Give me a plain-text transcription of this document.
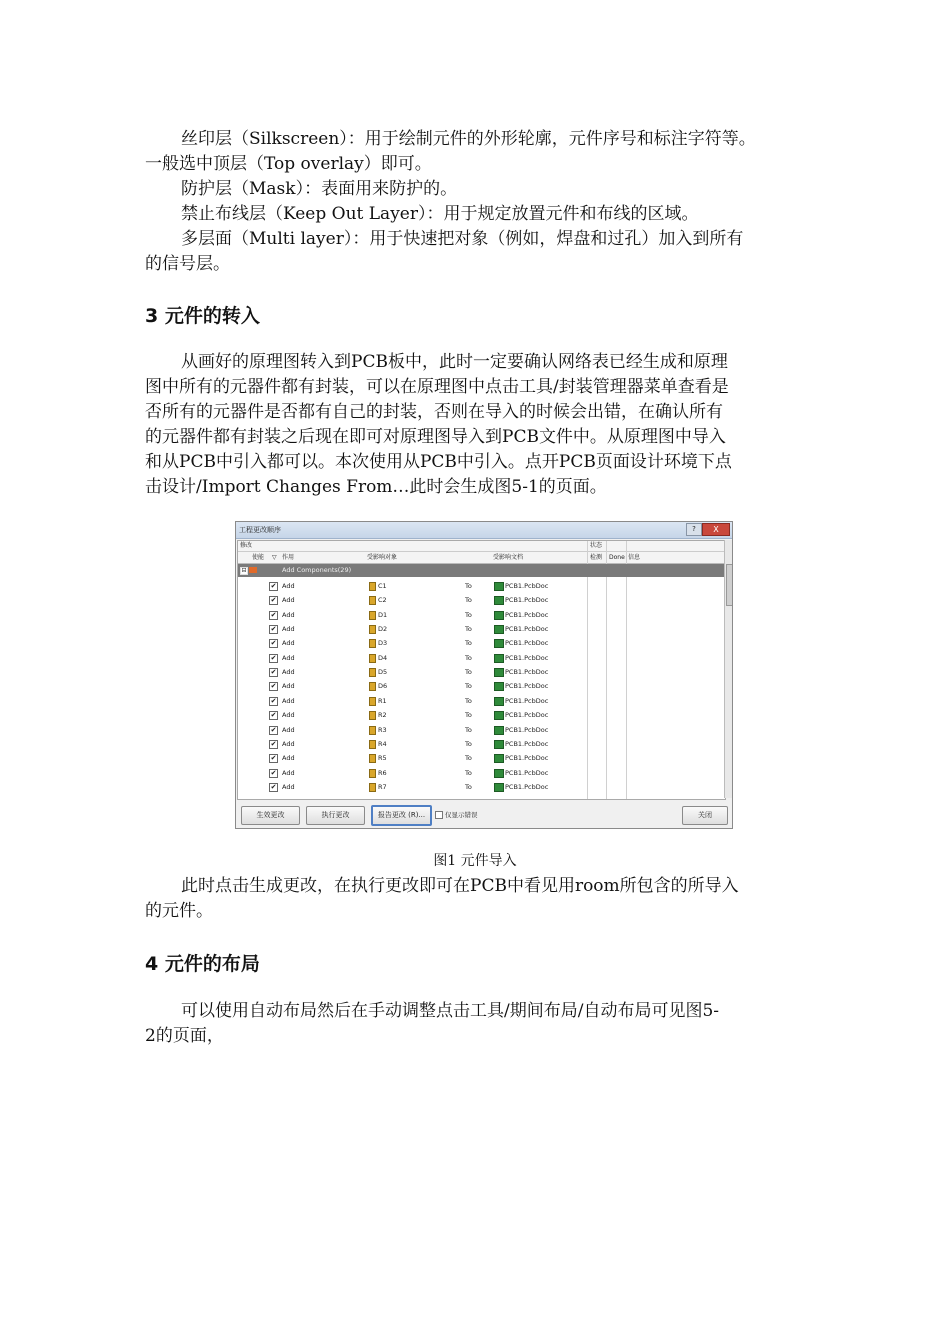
丝印层（Silkscreen）：用于绘制元件的外形轮廓，元件序号和标注字符等。
一般选中顶层（Top overlay）即可。

防护层（Mask）：表面用来防护的。

禁止布线层（Keep Out Layer）：用于规定放置元件和布线的区域。

多层面（Multi layer）：用于快速把对象（例如，焊盘和过孔）加入到所有
的信号层。

3 元件的转入

从画好的原理图转入到PCB板中，此时一定要确认网络表已经生成和原理
图中所有的元器件都有封装，可以在原理图中点击工具/封装管理器菜单查看是
否所有的元器件是否都有自己的封装，否则在导入的时候会出错，在确认所有
的元器件都有封装之后现在即可对原理图导入到PCB文件中。从原理图中导入
和从PCB中引入都可以。本次使用从PCB中引入。点开PCB页面设计环境下点
击设计/Import Changes From…此时会生成图5-1的页面。

工程更改顺序	?	X
修改	状态
使能 ▽ 作用	受影响对象	受影响文档	检测 Done 信息
⊟	Add Components(29)
✔ Add	C1	To	PCB1.PcbDoc
✔ Add	C2	To	PCB1.PcbDoc
✔ Add	D1	To	PCB1.PcbDoc
✔ Add	D2	To	PCB1.PcbDoc
✔ Add	D3	To	PCB1.PcbDoc
✔ Add	D4	To	PCB1.PcbDoc
✔ Add	D5	To	PCB1.PcbDoc
✔ Add	D6	To	PCB1.PcbDoc
✔ Add	R1	To	PCB1.PcbDoc
✔ Add	R2	To	PCB1.PcbDoc
✔ Add	R3	To	PCB1.PcbDoc
✔ Add	R4	To	PCB1.PcbDoc
✔ Add	R5	To	PCB1.PcbDoc
✔ Add	R6	To	PCB1.PcbDoc
✔ Add	R7	To	PCB1.PcbDoc
生效更改	执行更改	报告更改 (R)...	仅显示错误	关闭
图1 元件导入

此时点击生成更改，在执行更改即可在PCB中看见用room所包含的所导入
的元件。

4 元件的布局

可以使用自动布局然后在手动调整点击工具/期间布局/自动布局可见图5-
2的页面，
